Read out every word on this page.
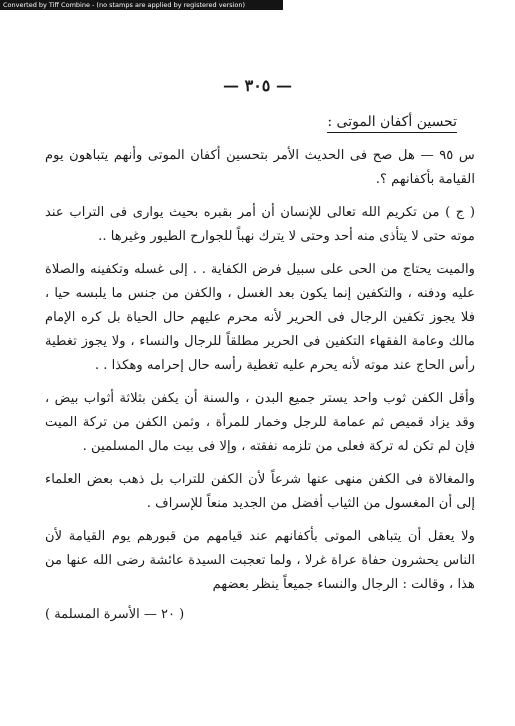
Converted by Tiff Combine - (no stamps are applied by registered version)
— ٣٠٥ —
تحسين أكفان الموتى :

س ٩٥ — هل صح فى الحديث الأمر بتحسين أكفان الموتى وأنهم يتباهون يوم القيامة بأكفانهم ؟.

( ج ) من تكريم الله تعالى للإنسان أن أمر بقبره بحيث يوارى فى التراب عند موته حتى لا يتأذى منه أحد وحتى لا يترك نهباً للجوارح الطيور وغيرها ..

والميت يحتاج من الحى على سبيل فرض الكفاية . . إلى غسله وتكفينه والصلاة عليه ودفنه ، والتكفين إنما يكون بعد الغسل ، والكفن من جنس ما يلبسه حيا ، فلا يجوز تكفين الرجال فى الحرير لأنه محرم عليهم حال الحياة بل كره الإمام مالك وعامة الفقهاء التكفين فى الحرير مطلقاً للرجال والنساء ، ولا يجوز تغطية رأس الحاج عند موته لأنه يحرم عليه تغطية رأسه حال إحرامه وهكذا . .

وأقل الكفن ثوب واحد يستر جميع البدن ، والسنة أن يكفن بثلاثة أثواب بيض ، وقد يزاد قميص ثم عمامة للرجل وخمار للمرأة ، وثمن الكفن من تركة الميت فإن لم تكن له تركة فعلى من تلزمه نفقته ، وإلا فى بيت مال المسلمين .

والمغالاة فى الكفن منهى عنها شرعاً لأن الكفن للتراب بل ذهب بعض العلماء إلى أن المغسول من الثياب أفضل من الجديد منعاً للإسراف .

ولا يعقل أن يتباهى الموتى بأكفانهم عند قيامهم من قبورهم يوم القيامة لأن الناس يحشرون حفاة عراة غرلا ، ولما تعجبت السيدة عائشة رضى الله عنها من هذا ، وقالت : الرجال والنساء جميعاً ينظر بعضهم

( ٢٠ — الأسرة المسلمة )
